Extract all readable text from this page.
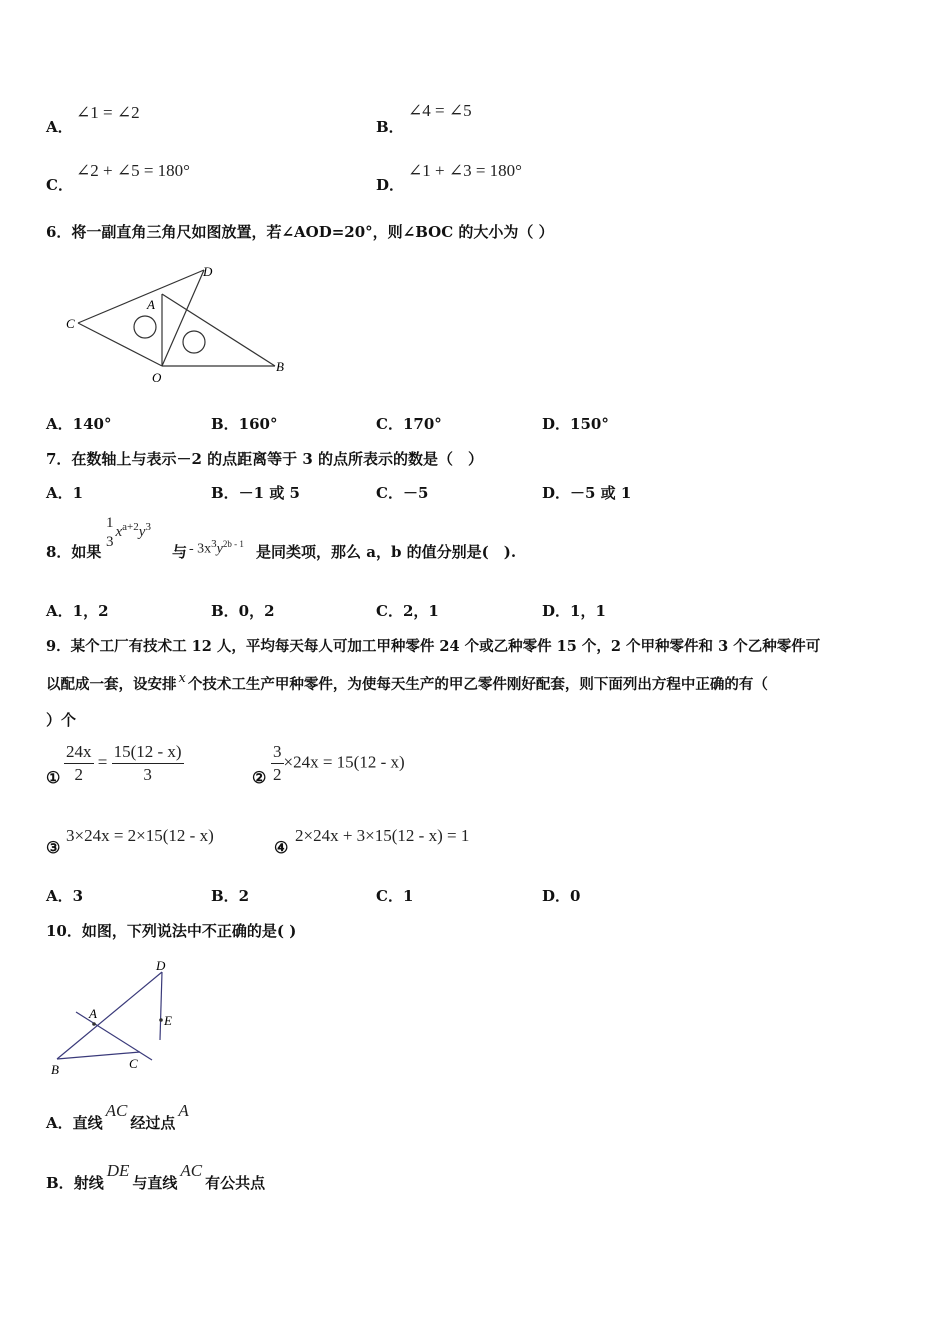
A．
∠1 = ∠2
B．
∠4 = ∠5
C．
∠2 + ∠5 = 180°
D．
∠1 + ∠3 = 180°
6．将一副直角三角尺如图放置，若∠AOD=20°，则∠BOC 的大小为（ ）
C
A
D
O
B
A．140°	B．160°	C．170°	D．150°
7．在数轴上与表示－2 的点距离等于 3 的点所表示的数是（　）
A．1	B．－1 或 5	C．－5	D．－5 或 1
8．如果
1
3
$x^{a+2}y^3$
与 - $3x^3y^{2b - 1}$ 是同类项，那么 a，b 的值分别是(　).
A．1，2	B．0，2	C．2，1	D．1，1
9．某个工厂有技术工 12 人，平均每天每人可加工甲种零件 24 个或乙种零件 15 个，2 个甲种零件和 3 个乙种零件可
以配成一套，设安排 x 个技术工生产甲种零件，为使每天生产的甲乙零件刚好配套，则下面列出方程中正确的有（
）个
① $\frac{24x}{2} = \frac{15(12 - x)}{3}$	② $\frac{3}{2} \times 24x = 15(12 - x)$
③
3×24x = 2×15(12 - x)
④
2×24x + 3×15(12 - x) = 1
A．3	B．2	C．1	D．0
10．如图，下列说法中不正确的是( )
D
A	E
B	C
A．直线AC经过点A
B．射线DE与直线AC有公共点
